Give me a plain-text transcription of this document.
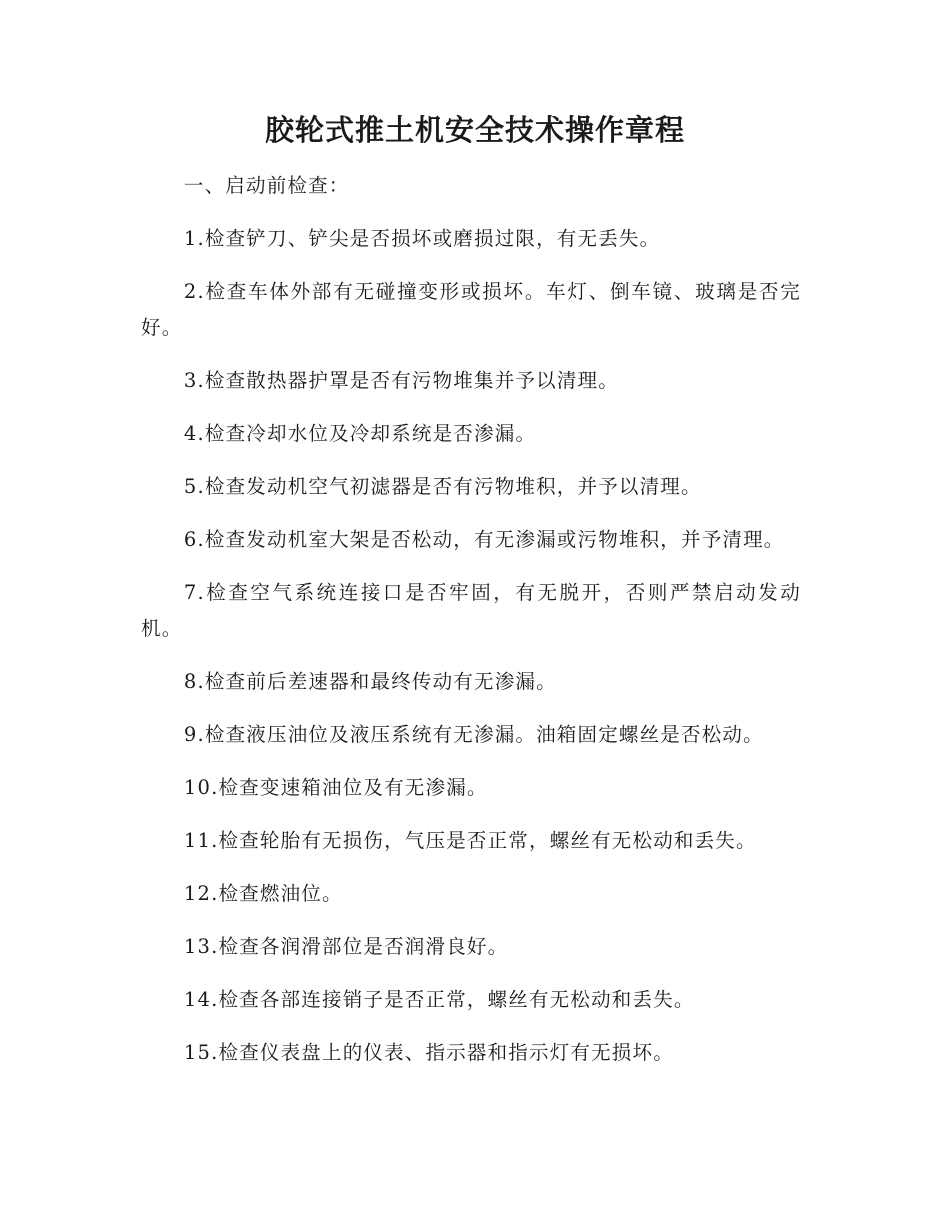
胶轮式推土机安全技术操作章程

一、启动前检查：

1.检查铲刀、铲尖是否损坏或磨损过限，有无丢失。

2.检查车体外部有无碰撞变形或损坏。车灯、倒车镜、玻璃是否完好。

3.检查散热器护罩是否有污物堆集并予以清理。

4.检查冷却水位及冷却系统是否渗漏。

5.检查发动机空气初滤器是否有污物堆积，并予以清理。

6.检查发动机室大架是否松动，有无渗漏或污物堆积，并予清理。

7.检查空气系统连接口是否牢固，有无脱开，否则严禁启动发动机。

8.检查前后差速器和最终传动有无渗漏。

9.检查液压油位及液压系统有无渗漏。油箱固定螺丝是否松动。

10.检查变速箱油位及有无渗漏。

11.检查轮胎有无损伤，气压是否正常，螺丝有无松动和丢失。

12.检查燃油位。

13.检查各润滑部位是否润滑良好。

14.检查各部连接销子是否正常，螺丝有无松动和丢失。

15.检查仪表盘上的仪表、指示器和指示灯有无损坏。
